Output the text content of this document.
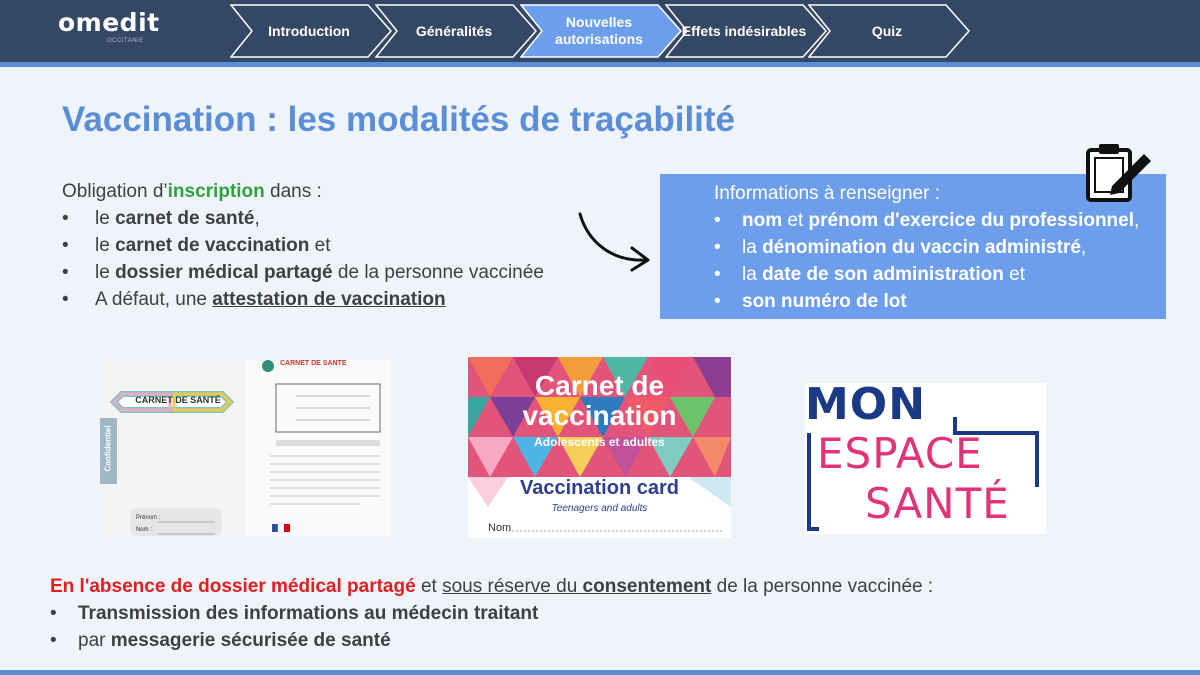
omedit
OCCITANIE
Introduction	Généralités
Nouvelles autorisations
Effets indésirables	Quiz
Vaccination : les modalités de traçabilité
Obligation d’inscription dans :
•	le carnet de santé,
•	le carnet de vaccination et
•	le dossier médical partagé de la personne vaccinée
•	A défaut, une attestation de vaccination
Informations à renseigner :
•	nom et prénom d'exercice du professionnel,
•	la dénomination du vaccin administré,
•	la date de son administration et
•	son numéro de lot
CARNET DE SANTÉ
CARNET DE SANTÉ
Confidentiel
Prénom :
Nom :
Carnet de
vaccination
Adolescents et adultes
Vaccination card
Teenagers and adults
Nom
MON
ESPACE
SANTÉ
En l'absence de dossier médical partagé et sous réserve du consentement de la personne vaccinée :
•	Transmission des informations au médecin traitant
•	par messagerie sécurisée de santé
